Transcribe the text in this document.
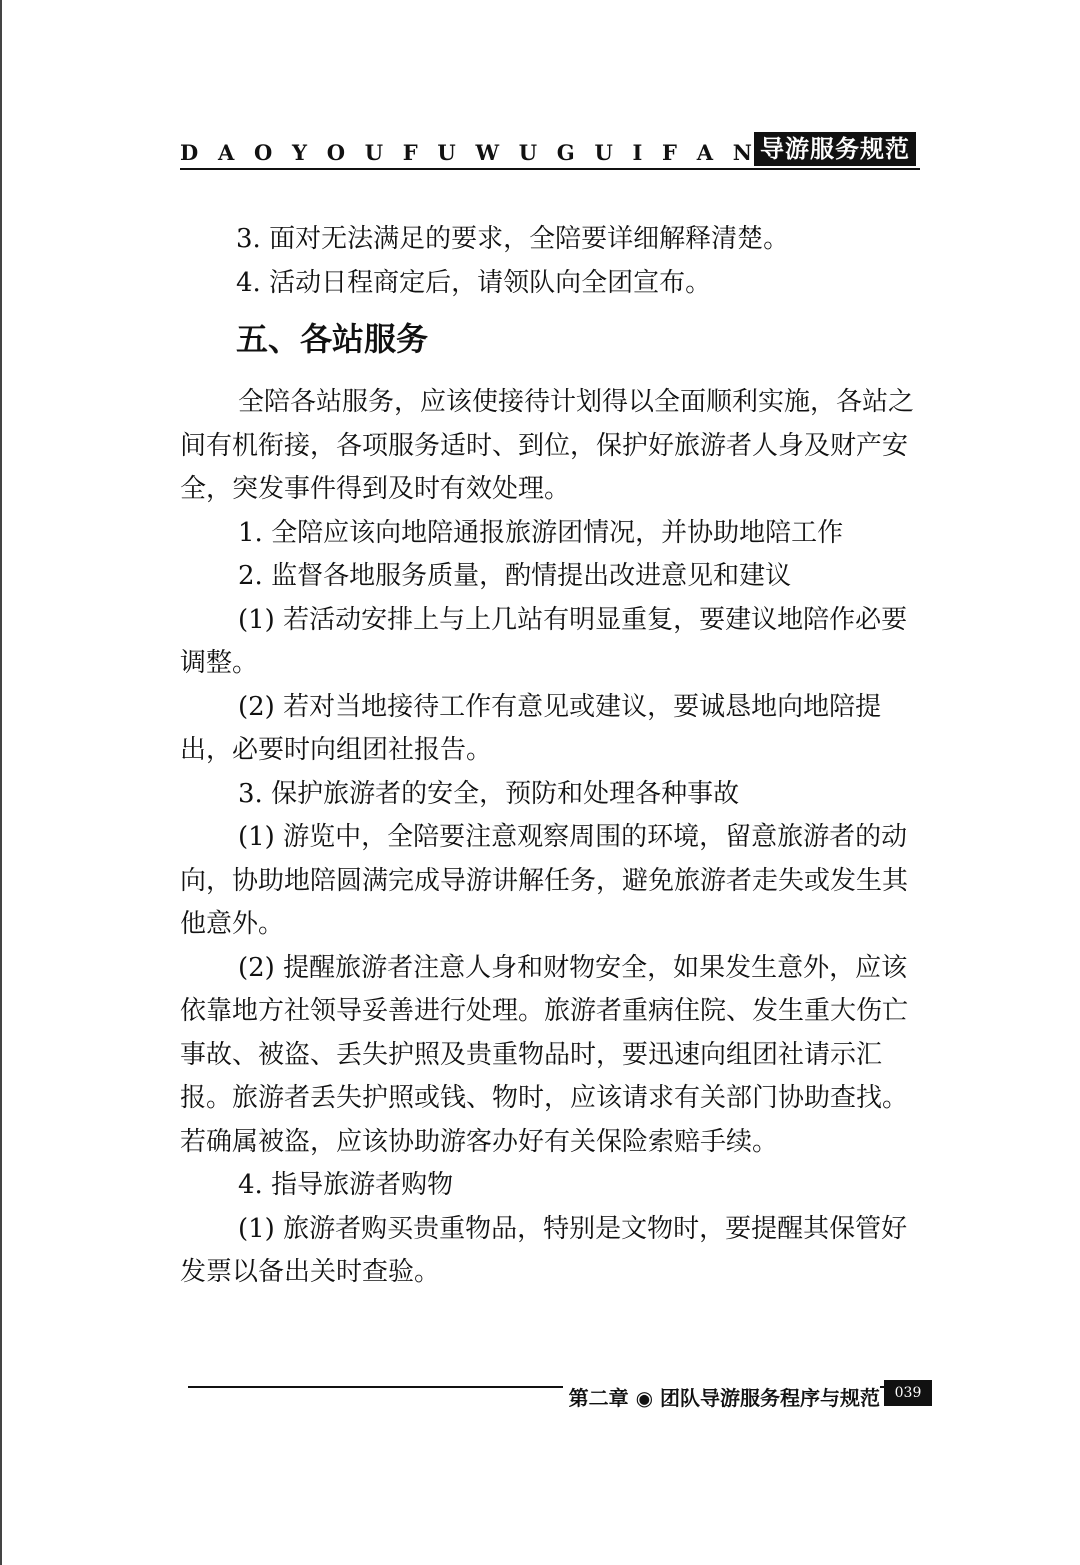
D A O Y O U F U W U G U I F A N 导游服务规范

3. 面对无法满足的要求，全陪要详细解释清楚。

4. 活动日程商定后，请领队向全团宣布。

五、各站服务

全陪各站服务，应该使接待计划得以全面顺利实施，各站之间有机衔接，各项服务适时、到位，保护好旅游者人身及财产安全，突发事件得到及时有效处理。

1. 全陪应该向地陪通报旅游团情况，并协助地陪工作

2. 监督各地服务质量，酌情提出改进意见和建议

(1) 若活动安排上与上几站有明显重复，要建议地陪作必要调整。

(2) 若对当地接待工作有意见或建议，要诚恳地向地陪提出，必要时向组团社报告。

3. 保护旅游者的安全，预防和处理各种事故

(1) 游览中，全陪要注意观察周围的环境，留意旅游者的动向，协助地陪圆满完成导游讲解任务，避免旅游者走失或发生其他意外。

(2) 提醒旅游者注意人身和财物安全，如果发生意外，应该依靠地方社领导妥善进行处理。旅游者重病住院、发生重大伤亡事故、被盗、丢失护照及贵重物品时，要迅速向组团社请示汇报。旅游者丢失护照或钱、物时，应该请求有关部门协助查找。若确属被盗，应该协助游客办好有关保险索赔手续。

4. 指导旅游者购物

(1) 旅游者购买贵重物品，特别是文物时，要提醒其保管好发票以备出关时查验。

第二章 ◉ 团队导游服务程序与规范	039
